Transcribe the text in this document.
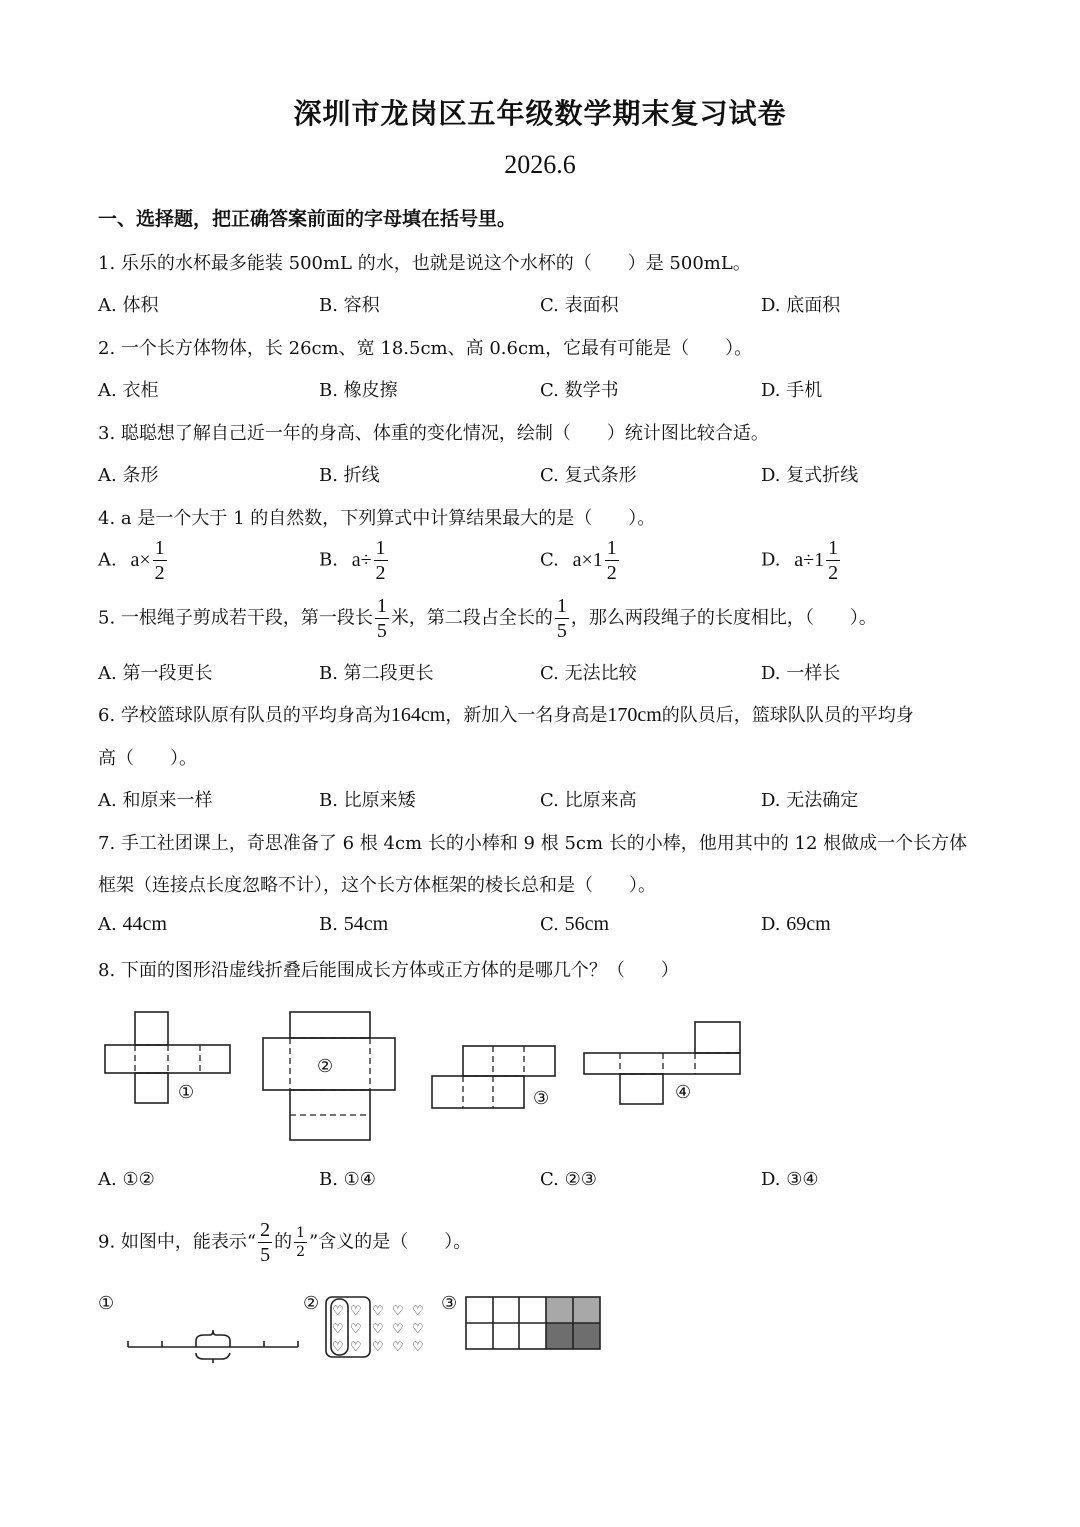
深圳市龙岗区五年级数学期末复习试卷
2026.6
一、选择题，把正确答案前面的字母填在括号里。
1. 乐乐的水杯最多能装 500mL 的水，也就是说这个水杯的（　　）是 500mL。
A. 体积	B. 容积	C. 表面积	D. 底面积
2. 一个长方体物体，长 26cm、宽 18.5cm、高 0.6cm，它最有可能是（　　）。
A. 衣柜	B. 橡皮擦	C. 数学书	D. 手机
3. 聪聪想了解自己近一年的身高、体重的变化情况，绘制（　　）统计图比较合适。
A. 条形	B. 折线	C. 复式条形	D. 复式折线
4. a 是一个大于 1 的自然数，下列算式中计算结果最大的是（　　）。
A. $a\times \frac{1}{2}$	B. $a\div \frac{1}{2}$	C. $a\times 1 \frac{1}{2}$	D. $a\div 1 \frac{1}{2}$
5. 一根绳子剪成若干段，第一段长 $\frac{1}{5}$ 米，第二段占全长的 $\frac{1}{5}$ ，那么两段绳子的长度相比，（　　）。
A. 第一段更长	B. 第二段更长	C. 无法比较	D. 一样长
6. 学校篮球队原有队员的平均身高为164cm，新加入一名身高是170cm的队员后，篮球队队员的平均身
高（　　）。
A. 和原来一样	B. 比原来矮	C. 比原来高	D. 无法确定
7. 手工社团课上，奇思准备了 6 根 4cm 长的小棒和 9 根 5cm 长的小棒，他用其中的 12 根做成一个长方体
框架（连接点长度忽略不计），这个长方体框架的棱长总和是（　　）。
A. 44cm	B. 54cm	C. 56cm	D. 69cm
8. 下面的图形沿虚线折叠后能围成长方体或正方体的是哪几个？（　　）
①
②
③	④
A. ①②	B. ①④	C. ②③	D. ③④
9. 如图中，能表示“ $\frac{2}{5}$ 的 $\frac{1}{2}$ ”含义的是（　　）。
①	② ♡ ♡ ♡ ♡ ♡
♡ ♡ ♡ ♡ ♡
♡ ♡ ♡ ♡ ♡
③
